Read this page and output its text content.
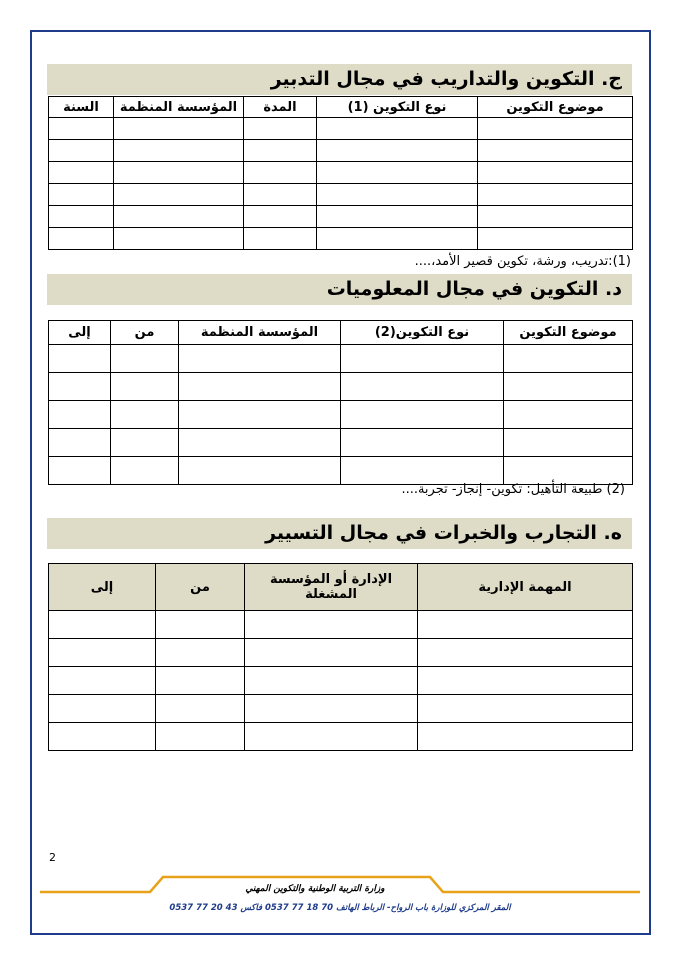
ج. التكوين والتداريب في مجال التدبير
موضوع التكوين	نوع التكوين (1)	المدة	المؤسسة المنظمة	السنة

(1):تدريب، ورشة، تكوين قصير الأمد،....
د. التكوين في مجال المعلوميات
موضوع التكوين	نوع التكوين(2)	المؤسسة المنظمة	من	إلى

(2) طبيعة التأهيل: تكوين- إنجاز- تجربة....
ه. التجارب والخبرات في مجال التسيير
المهمة الإدارية	الإدارة أو المؤسسة المشغلة	من	إلى

2
وزارة التربية الوطنية والتكوين المهني
المقر المركزي للوزارة باب الرواح- الرباط الهاتف 70 18 77 0537 فاكس 43 20 77 0537
